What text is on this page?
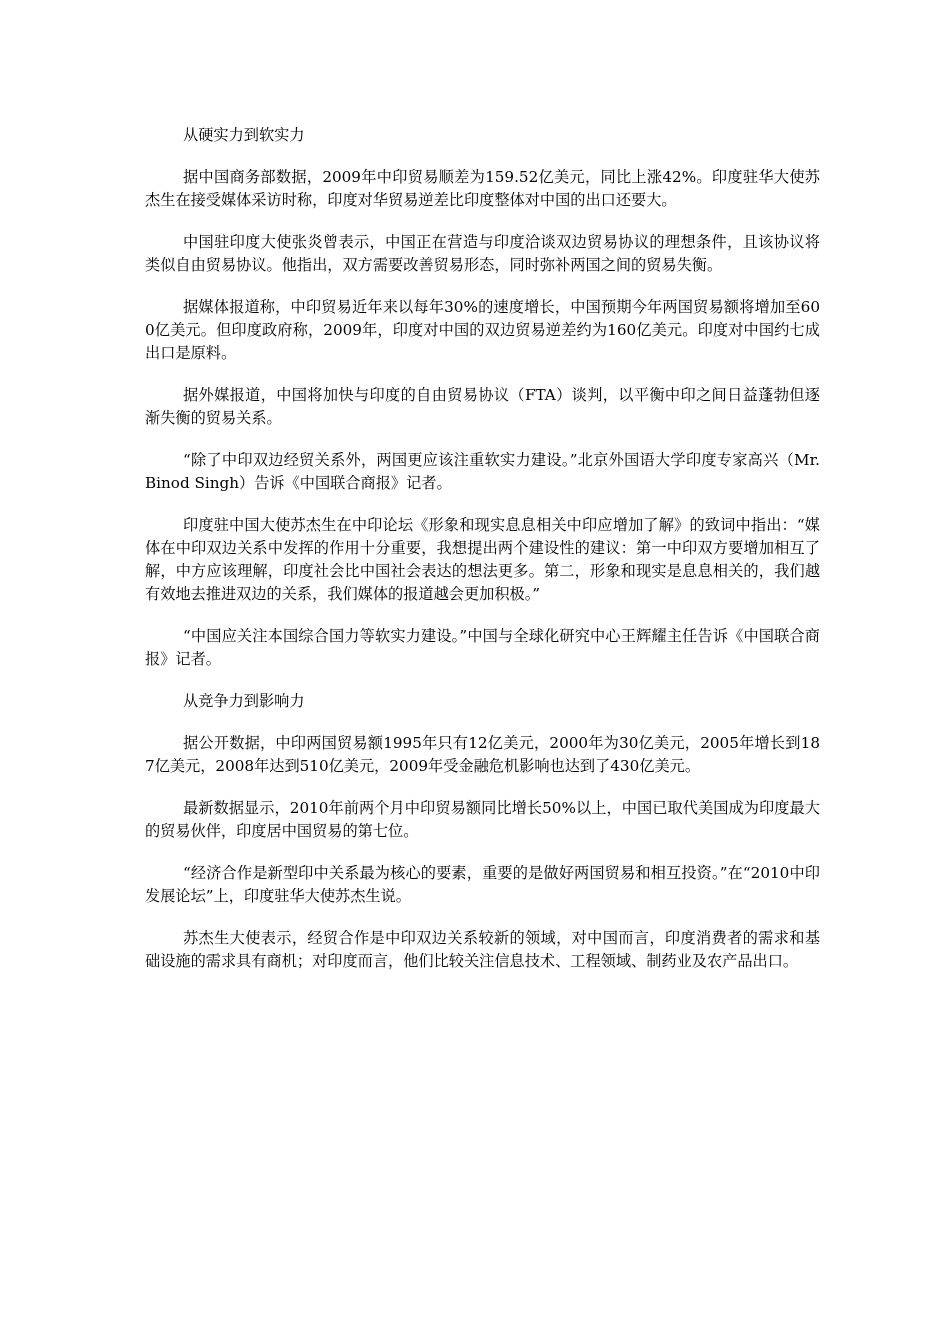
从硬实力到软实力

据中国商务部数据，2009年中印贸易顺差为159.52亿美元，同比上涨42%。印度驻华大使苏杰生在接受媒体采访时称，印度对华贸易逆差比印度整体对中国的出口还要大。

中国驻印度大使张炎曾表示，中国正在营造与印度洽谈双边贸易协议的理想条件，且该协议将类似自由贸易协议。他指出，双方需要改善贸易形态，同时弥补两国之间的贸易失衡。

据媒体报道称，中印贸易近年来以每年30%的速度增长，中国预期今年两国贸易额将增加至600亿美元。但印度政府称，2009年，印度对中国的双边贸易逆差约为160亿美元。印度对中国约七成出口是原料。

据外媒报道，中国将加快与印度的自由贸易协议（FTA）谈判，以平衡中印之间日益蓬勃但逐渐失衡的贸易关系。

“除了中印双边经贸关系外，两国更应该注重软实力建设。”北京外国语大学印度专家高兴（Mr.Binod Singh）告诉《中国联合商报》记者。

印度驻中国大使苏杰生在中印论坛《形象和现实息息相关中印应增加了解》的致词中指出：“媒体在中印双边关系中发挥的作用十分重要，我想提出两个建设性的建议：第一中印双方要增加相互了解，中方应该理解，印度社会比中国社会表达的想法更多。第二，形象和现实是息息相关的，我们越有效地去推进双边的关系，我们媒体的报道越会更加积极。”

“中国应关注本国综合国力等软实力建设。”中国与全球化研究中心王辉耀主任告诉《中国联合商报》记者。

从竞争力到影响力

据公开数据，中印两国贸易额1995年只有12亿美元，2000年为30亿美元，2005年增长到187亿美元，2008年达到510亿美元，2009年受金融危机影响也达到了430亿美元。

最新数据显示，2010年前两个月中印贸易额同比增长50%以上，中国已取代美国成为印度最大的贸易伙伴，印度居中国贸易的第七位。

“经济合作是新型印中关系最为核心的要素，重要的是做好两国贸易和相互投资。”在“2010中印发展论坛”上，印度驻华大使苏杰生说。

苏杰生大使表示，经贸合作是中印双边关系较新的领域，对中国而言，印度消费者的需求和基础设施的需求具有商机；对印度而言，他们比较关注信息技术、工程领域、制药业及农产品出口。
